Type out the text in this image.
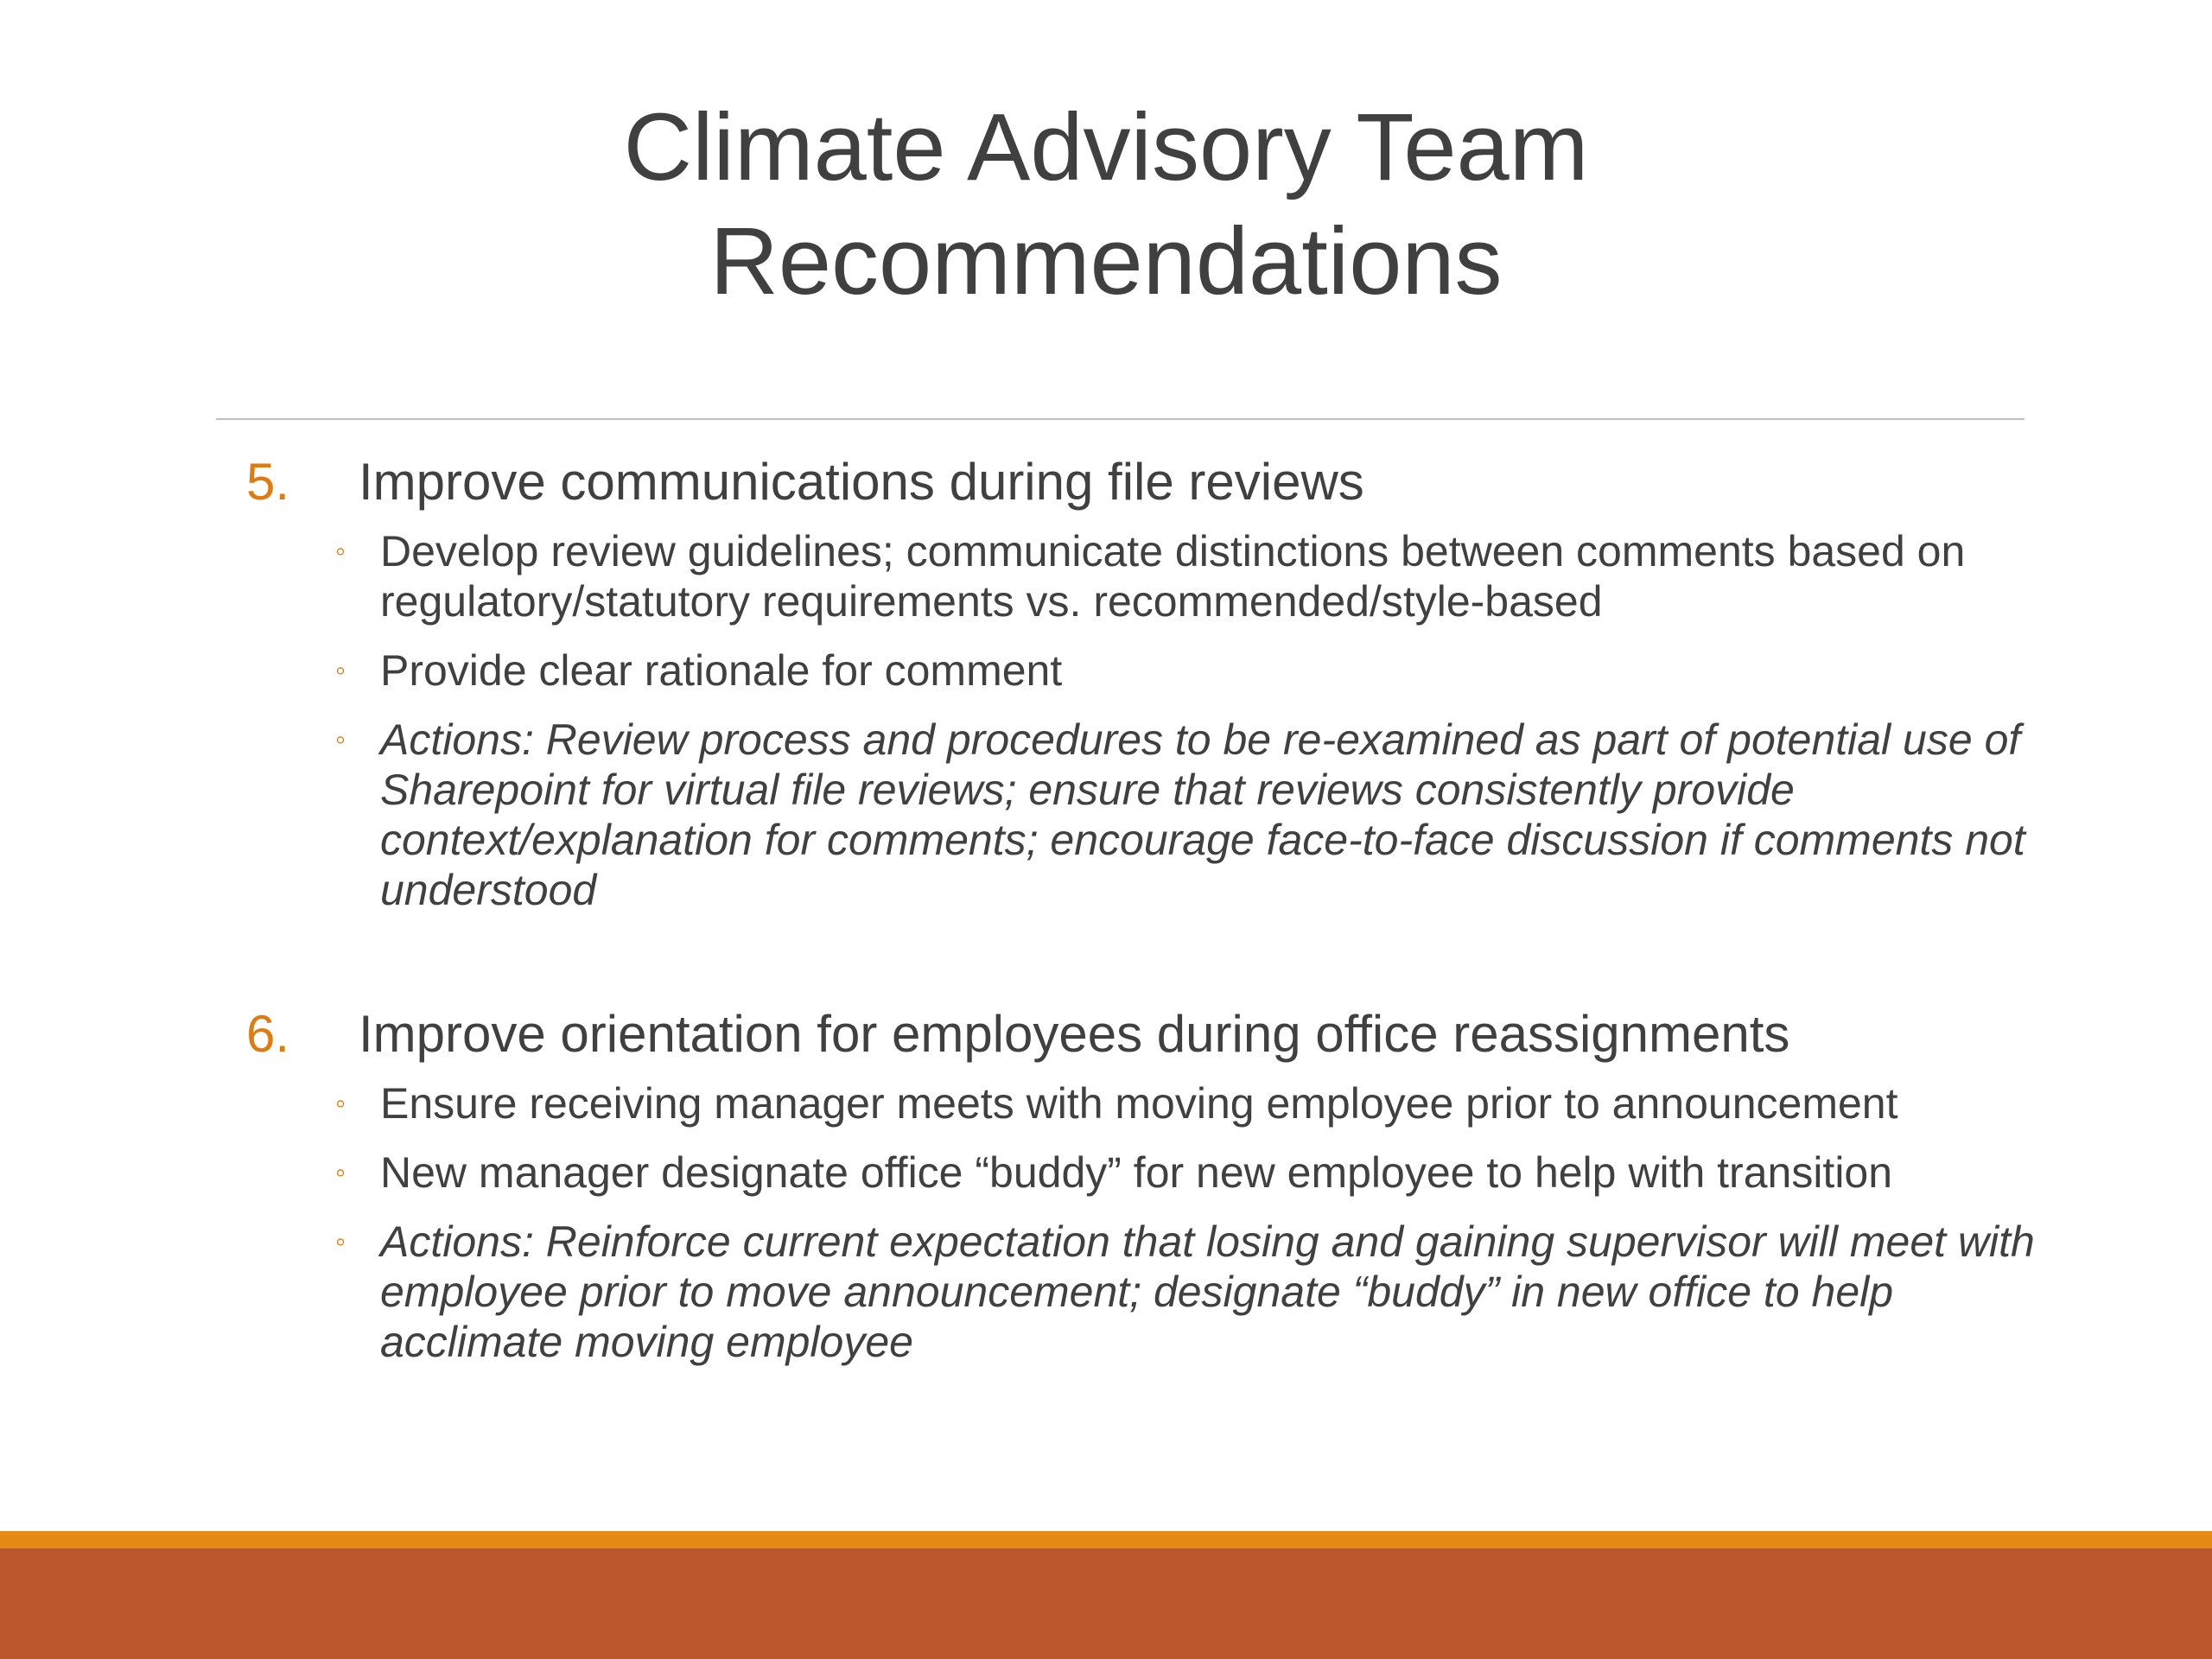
Climate Advisory Team
Recommendations
5. Improve communications during file reviews
◦ Develop review guidelines; communicate distinctions between comments based on regulatory/statutory requirements vs. recommended/style-based
◦ Provide clear rationale for comment
◦ Actions: Review process and procedures to be re-examined as part of potential use of Sharepoint for virtual file reviews; ensure that reviews consistently provide context/explanation for comments; encourage face-to-face discussion if comments not understood
6. Improve orientation for employees during office reassignments
◦ Ensure receiving manager meets with moving employee prior to announcement
◦ New manager designate office “buddy” for new employee to help with transition
◦ Actions: Reinforce current expectation that losing and gaining supervisor will meet with employee prior to move announcement; designate “buddy” in new office to help acclimate moving employee
